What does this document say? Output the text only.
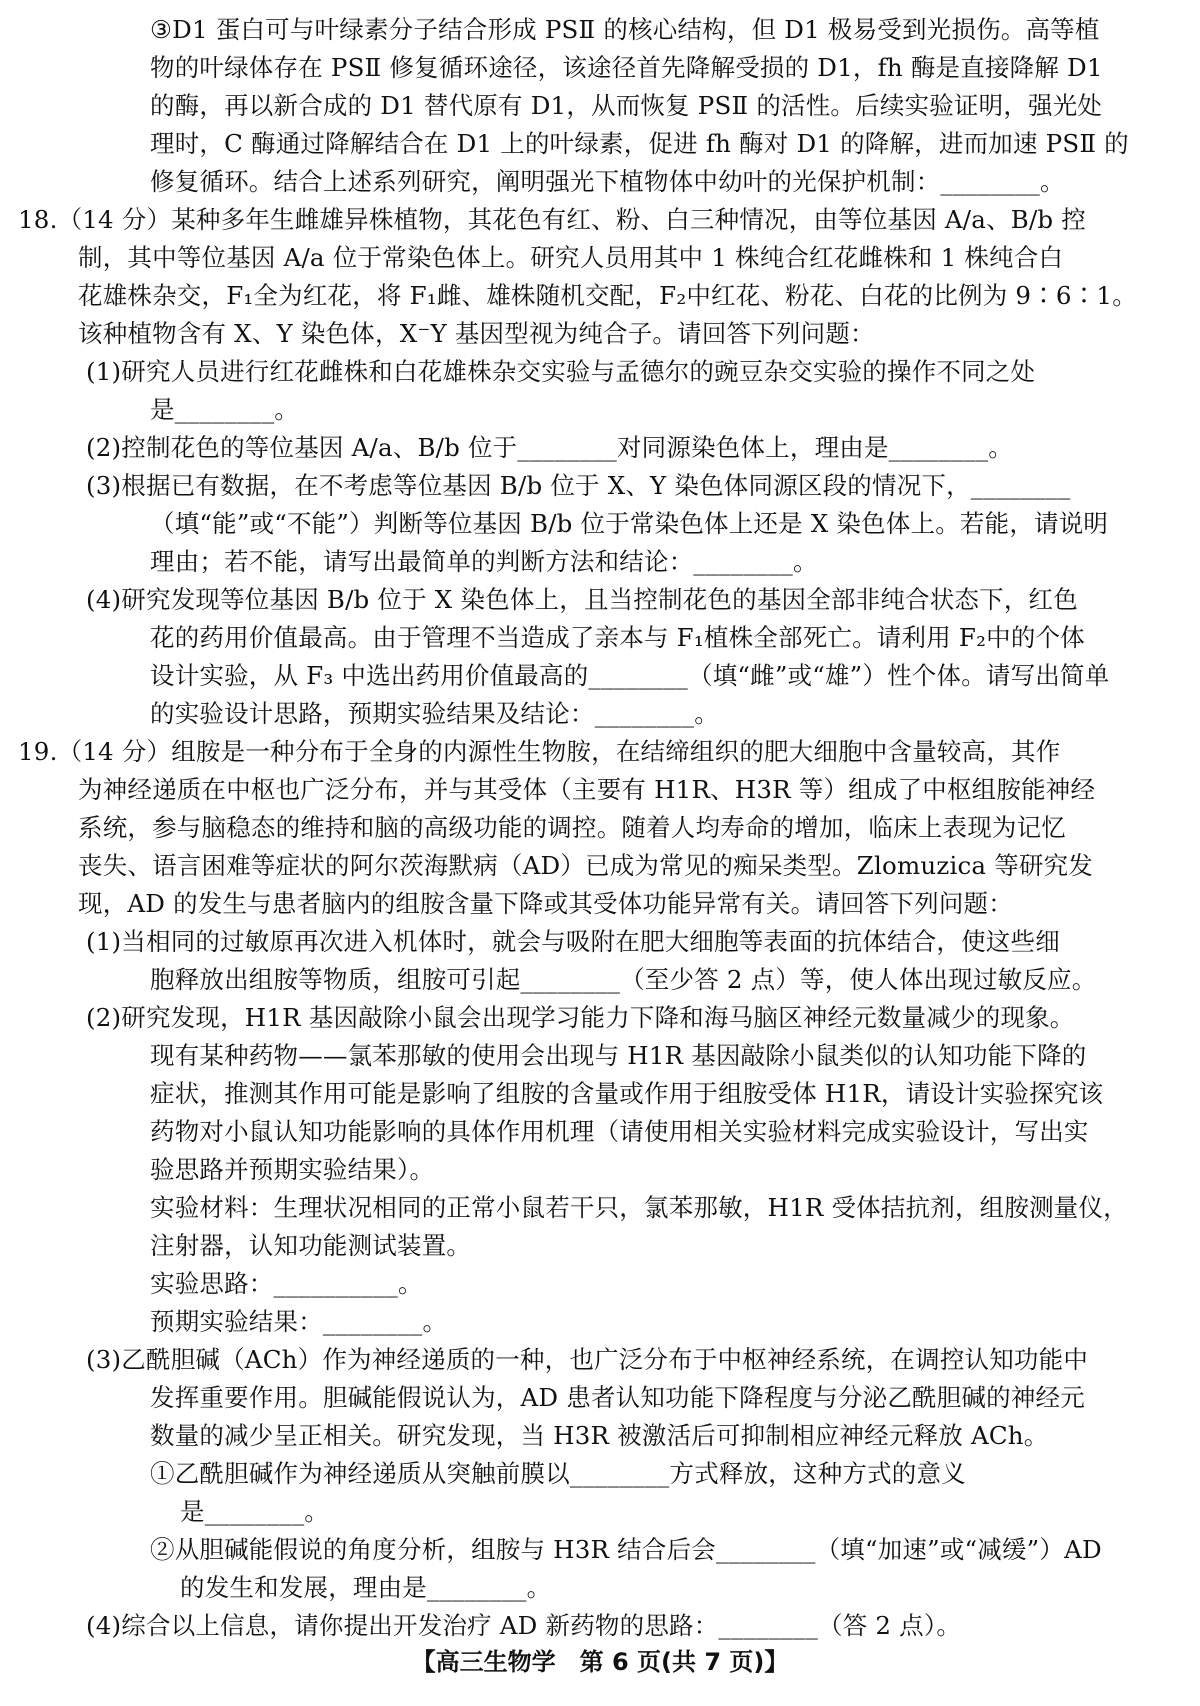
③D1 蛋白可与叶绿素分子结合形成 PSⅡ 的核心结构，但 D1 极易受到光损伤。高等植
物的叶绿体存在 PSⅡ 修复循环途径，该途径首先降解受损的 D1，fh 酶是直接降解 D1
的酶，再以新合成的 D1 替代原有 D1，从而恢复 PSⅡ 的活性。后续实验证明，强光处
理时，C 酶通过降解结合在 D1 上的叶绿素，促进 fh 酶对 D1 的降解，进而加速 PSⅡ 的
修复循环。结合上述系列研究，阐明强光下植物体中幼叶的光保护机制：________。
18.（14 分）某种多年生雌雄异株植物，其花色有红、粉、白三种情况，由等位基因 A/a、B/b 控
制，其中等位基因 A/a 位于常染色体上。研究人员用其中 1 株纯合红花雌株和 1 株纯合白
花雄株杂交，F₁全为红花，将 F₁雌、雄株随机交配，F₂中红花、粉花、白花的比例为 9∶6∶1。
该种植物含有 X、Y 染色体，X⁻Y 基因型视为纯合子。请回答下列问题：
(1)研究人员进行红花雌株和白花雄株杂交实验与孟德尔的豌豆杂交实验的操作不同之处
是________。
(2)控制花色的等位基因 A/a、B/b 位于________对同源染色体上，理由是________。
(3)根据已有数据，在不考虑等位基因 B/b 位于 X、Y 染色体同源区段的情况下，________
（填“能”或“不能”）判断等位基因 B/b 位于常染色体上还是 X 染色体上。若能，请说明
理由；若不能，请写出最简单的判断方法和结论：________。
(4)研究发现等位基因 B/b 位于 X 染色体上，且当控制花色的基因全部非纯合状态下，红色
花的药用价值最高。由于管理不当造成了亲本与 F₁植株全部死亡。请利用 F₂中的个体
设计实验，从 F₃ 中选出药用价值最高的________（填“雌”或“雄”）性个体。请写出简单
的实验设计思路，预期实验结果及结论：________。
19.（14 分）组胺是一种分布于全身的内源性生物胺，在结缔组织的肥大细胞中含量较高，其作
为神经递质在中枢也广泛分布，并与其受体（主要有 H1R、H3R 等）组成了中枢组胺能神经
系统，参与脑稳态的维持和脑的高级功能的调控。随着人均寿命的增加，临床上表现为记忆
丧失、语言困难等症状的阿尔茨海默病（AD）已成为常见的痴呆类型。Zlomuzica 等研究发
现，AD 的发生与患者脑内的组胺含量下降或其受体功能异常有关。请回答下列问题：
(1)当相同的过敏原再次进入机体时，就会与吸附在肥大细胞等表面的抗体结合，使这些细
胞释放出组胺等物质，组胺可引起________（至少答 2 点）等，使人体出现过敏反应。
(2)研究发现，H1R 基因敲除小鼠会出现学习能力下降和海马脑区神经元数量减少的现象。
现有某种药物——氯苯那敏的使用会出现与 H1R 基因敲除小鼠类似的认知功能下降的
症状，推测其作用可能是影响了组胺的含量或作用于组胺受体 H1R，请设计实验探究该
药物对小鼠认知功能影响的具体作用机理（请使用相关实验材料完成实验设计，写出实
验思路并预期实验结果）。
实验材料：生理状况相同的正常小鼠若干只，氯苯那敏，H1R 受体拮抗剂，组胺测量仪，
注射器，认知功能测试装置。
实验思路：__________。
预期实验结果：________。
(3)乙酰胆碱（ACh）作为神经递质的一种，也广泛分布于中枢神经系统，在调控认知功能中
发挥重要作用。胆碱能假说认为，AD 患者认知功能下降程度与分泌乙酰胆碱的神经元
数量的减少呈正相关。研究发现，当 H3R 被激活后可抑制相应神经元释放 ACh。
①乙酰胆碱作为神经递质从突触前膜以________方式释放，这种方式的意义
是________。
②从胆碱能假说的角度分析，组胺与 H3R 结合后会________（填“加速”或“减缓”）AD
的发生和发展，理由是________。
(4)综合以上信息，请你提出开发治疗 AD 新药物的思路：________（答 2 点）。
【高三生物学　第 6 页(共 7 页)】
